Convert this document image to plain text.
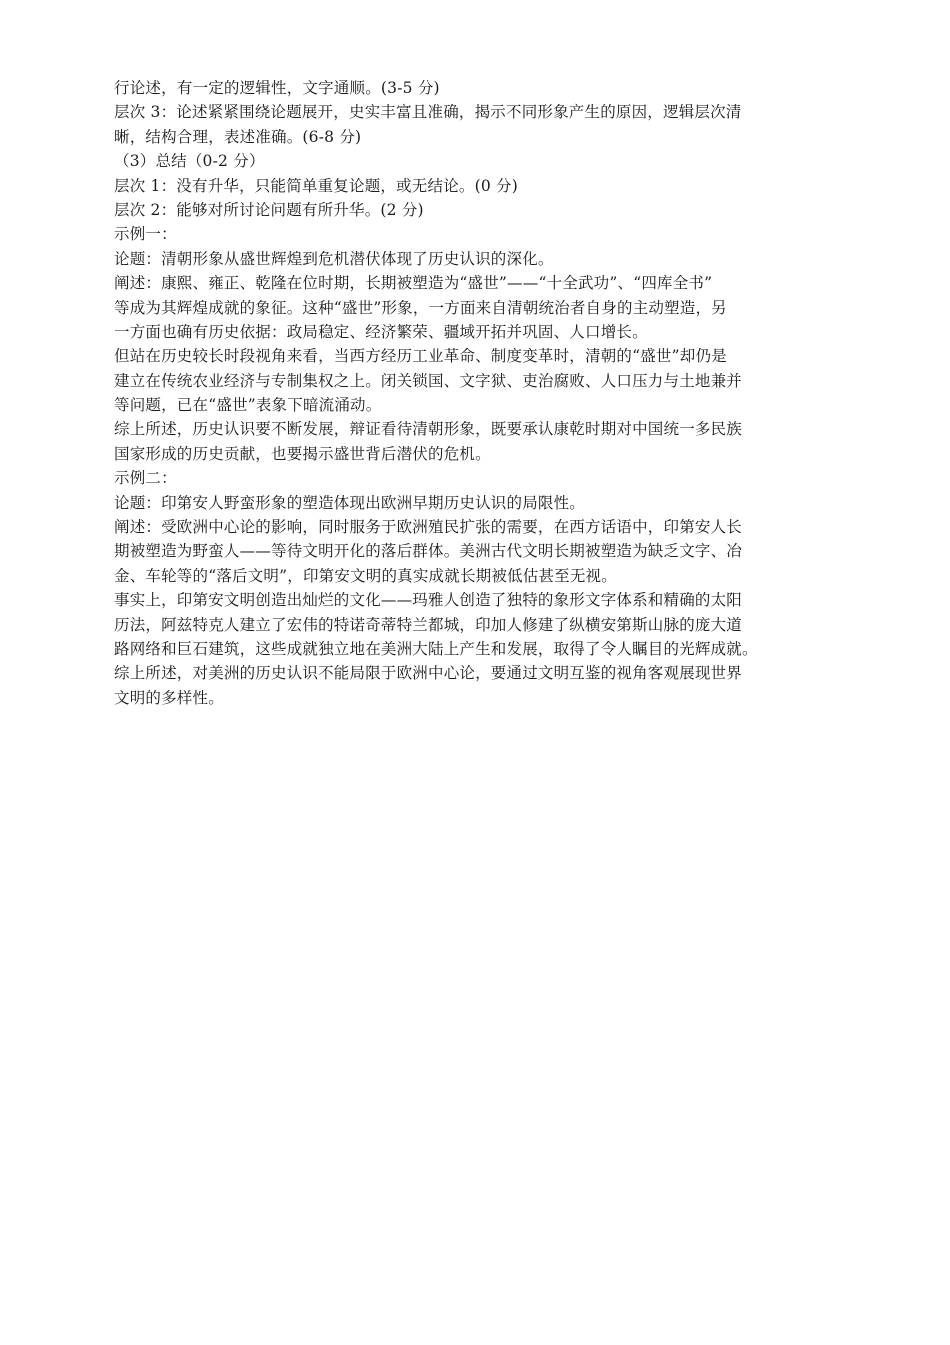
行论述，有一定的逻辑性，文字通顺。(3-5 分)
层次 3：论述紧紧围绕论题展开，史实丰富且准确，揭示不同形象产生的原因，逻辑层次清
晰，结构合理，表述准确。(6-8 分)
（3）总结（0-2 分）
层次 1：没有升华，只能简单重复论题，或无结论。(0 分)
层次 2：能够对所讨论问题有所升华。(2 分)
示例一：
论题：清朝形象从盛世辉煌到危机潜伏体现了历史认识的深化。
阐述：康熙、雍正、乾隆在位时期，长期被塑造为“盛世”——“十全武功”、“四库全书”
等成为其辉煌成就的象征。这种“盛世”形象，一方面来自清朝统治者自身的主动塑造，另
一方面也确有历史依据：政局稳定、经济繁荣、疆域开拓并巩固、人口增长。
但站在历史较长时段视角来看，当西方经历工业革命、制度变革时，清朝的“盛世”却仍是
建立在传统农业经济与专制集权之上。闭关锁国、文字狱、吏治腐败、人口压力与土地兼并
等问题，已在“盛世”表象下暗流涌动。
综上所述，历史认识要不断发展，辩证看待清朝形象，既要承认康乾时期对中国统一多民族
国家形成的历史贡献，也要揭示盛世背后潜伏的危机。
示例二：
论题：印第安人野蛮形象的塑造体现出欧洲早期历史认识的局限性。
阐述：受欧洲中心论的影响，同时服务于欧洲殖民扩张的需要，在西方话语中，印第安人长
期被塑造为野蛮人——等待文明开化的落后群体。美洲古代文明长期被塑造为缺乏文字、冶
金、车轮等的“落后文明”，印第安文明的真实成就长期被低估甚至无视。
事实上，印第安文明创造出灿烂的文化——玛雅人创造了独特的象形文字体系和精确的太阳
历法，阿兹特克人建立了宏伟的特诺奇蒂特兰都城，印加人修建了纵横安第斯山脉的庞大道
路网络和巨石建筑，这些成就独立地在美洲大陆上产生和发展，取得了令人瞩目的光辉成就。
综上所述，对美洲的历史认识不能局限于欧洲中心论，要通过文明互鉴的视角客观展现世界
文明的多样性。
